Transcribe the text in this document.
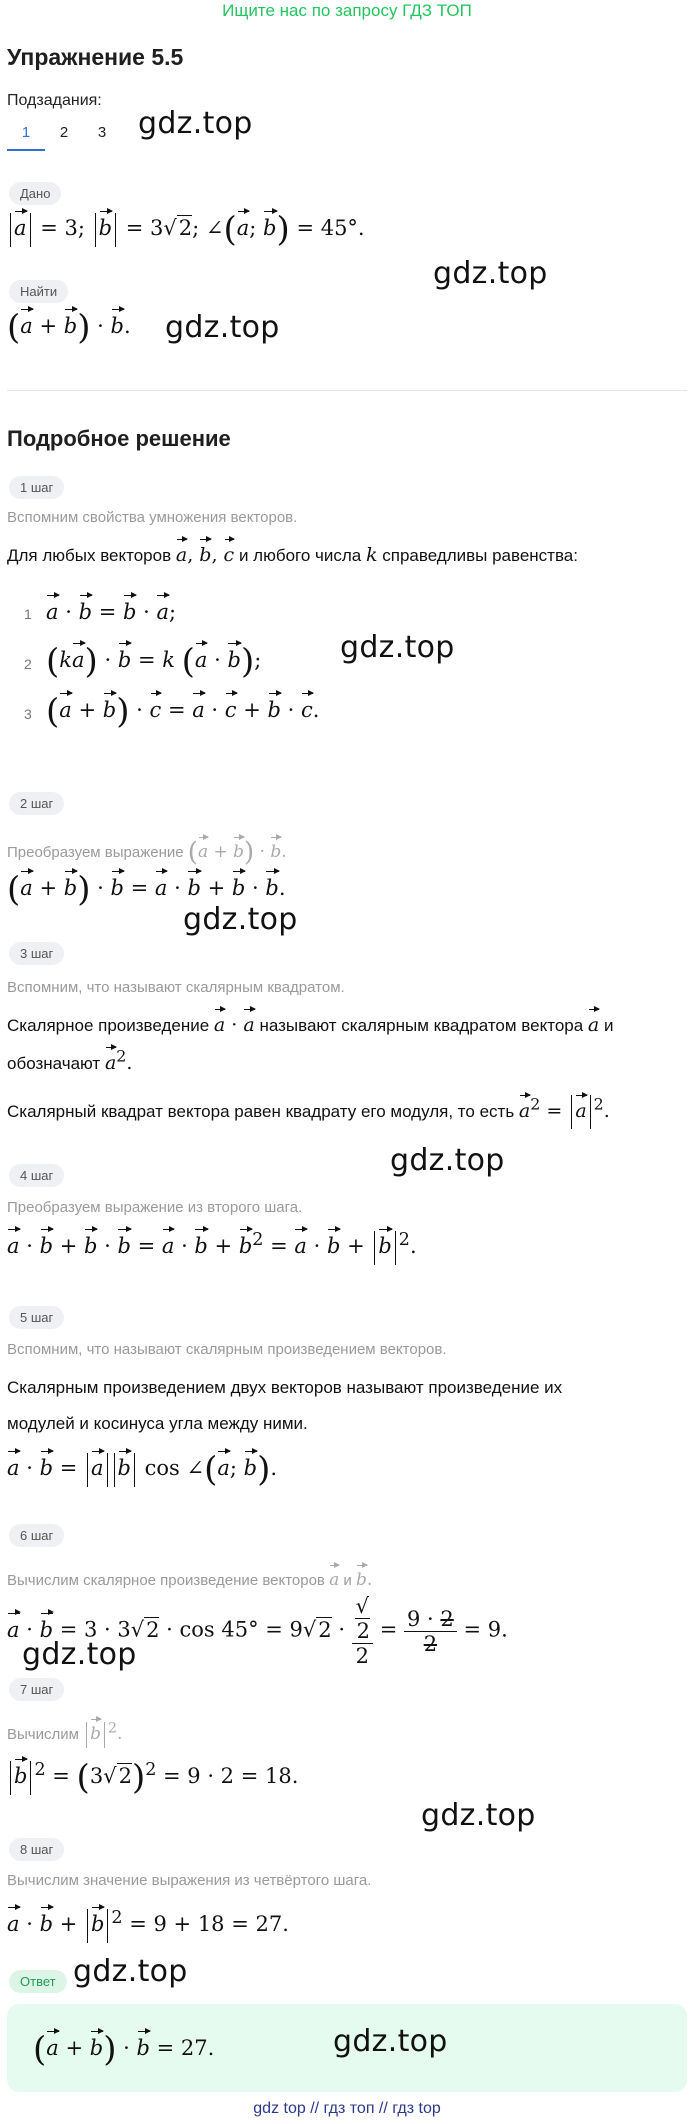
Ищите нас по запросу ГДЗ ТОП
Упражнение 5.5
Подзадания:
1	2	3	gdz.top
Дано
a = 3; b = 3√2; ∠(a; b) = 45°.
gdz.top
Найти
(a + b) · b. gdz.top
Подробное решение
1 шаг
Вспомним свойства умножения векторов.
Для любых векторов a, b, c и любого числа k справедливы равенства:
1 a · b = b · a;
2 (ka) · b = k (a · b);
3 (a + b) · c = a · c + b · c.
gdz.top
2 шаг
Преобразуем выражение (a + b) · b.
(a + b) · b = a · b + b · b.
gdz.top
3 шаг
Вспомним, что называют скалярным квадратом.
Скалярное произведение a · a называют скалярным квадратом вектора a и
обозначают $a^2$.
Скалярный квадрат вектора равен квадрату его модуля, то есть $a^2 = a$ $^2$.
gdz.top
4 шаг
Преобразуем выражение из второго шага.
$a \cdot b + b \cdot b = a \cdot b + b^2 = a \cdot b + b$ $^2$.
5 шаг
Вспомним, что называют скалярным произведением векторов.
Скалярным произведением двух векторов называют произведение их
модулей и косинуса угла между ними.
a · b = a b cos ∠(a; b).
6 шаг
Вычислим скалярное произведение векторов a и b.
a · b = 3 · 3√2 · cos 45° = 9√2 · √
2
$2 = \frac{9 \cdot 2}{2} = 9$.
gdz.top
7 шаг
Вычислим b $^2$.
b $^2 = (3√2)^2 = 9 \cdot 2 = 18$.
gdz.top
8 шаг
Вычислим значение выражения из четвёртого шага.
a · b + b $^2$ = 9 + 18 = 27.
Ответ gdz.top
(a + b) · b = 27.	gdz.top
gdz top // гдз топ // гдз top
